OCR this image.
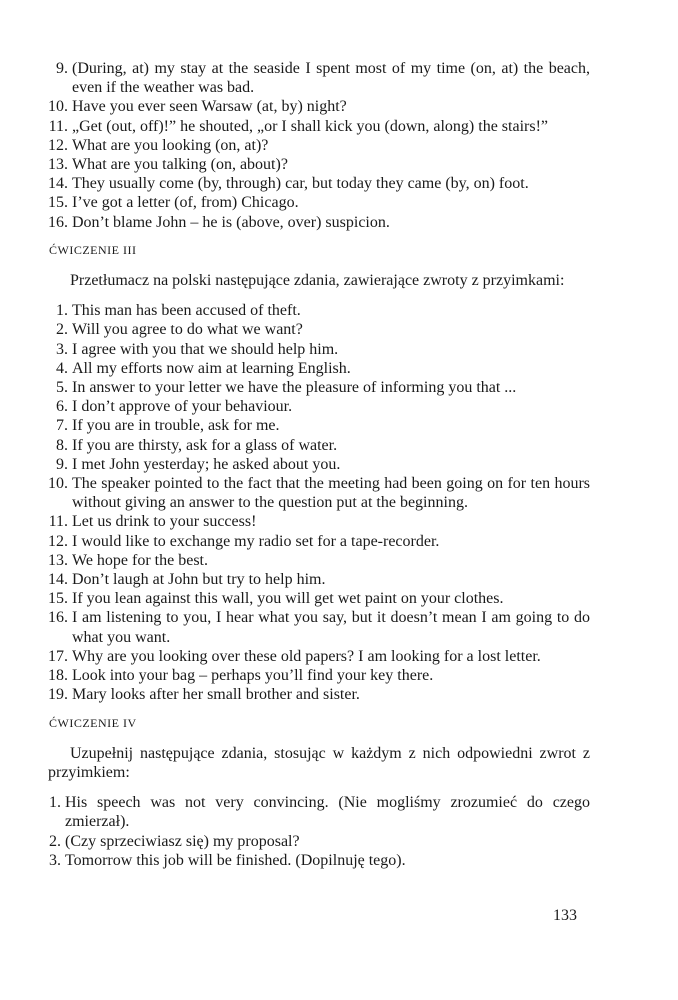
9. (During, at) my stay at the seaside I spent most of my time (on, at) the beach, even if the weather was bad.
10. Have you ever seen Warsaw (at, by) night?
11. „Get (out, off)!” he shouted, „or I shall kick you (down, along) the stairs!”
12. What are you looking (on, at)?
13. What are you talking (on, about)?
14. They usually come (by, through) car, but today they came (by, on) foot.
15. I’ve got a letter (of, from) Chicago.
16. Don’t blame John – he is (above, over) suspicion.
ĆWICZENIE III

Przetłumacz na polski następujące zdania, zawierające zwroty z przyimkami:

1. This man has been accused of theft.
2. Will you agree to do what we want?
3. I agree with you that we should help him.
4. All my efforts now aim at learning English.
5. In answer to your letter we have the pleasure of informing you that ...
6. I don’t approve of your behaviour.
7. If you are in trouble, ask for me.
8. If you are thirsty, ask for a glass of water.
9. I met John yesterday; he asked about you.
10. The speaker pointed to the fact that the meeting had been going on for ten hours without giving an answer to the question put at the beginning.
11. Let us drink to your success!
12. I would like to exchange my radio set for a tape-recorder.
13. We hope for the best.
14. Don’t laugh at John but try to help him.
15. If you lean against this wall, you will get wet paint on your clothes.
16. I am listening to you, I hear what you say, but it doesn’t mean I am going to do what you want.
17. Why are you looking over these old papers? I am looking for a lost letter.
18. Look into your bag – perhaps you’ll find your key there.
19. Mary looks after her small brother and sister.
ĆWICZENIE IV

Uzupełnij następujące zdania, stosując w każdym z nich odpowiedni zwrot z przyimkiem:

1. His speech was not very convincing. (Nie mogliśmy zrozumieć do czego zmierzał).
2. (Czy sprzeciwiasz się) my proposal?
3. Tomorrow this job will be finished. (Dopilnuję tego).
133
